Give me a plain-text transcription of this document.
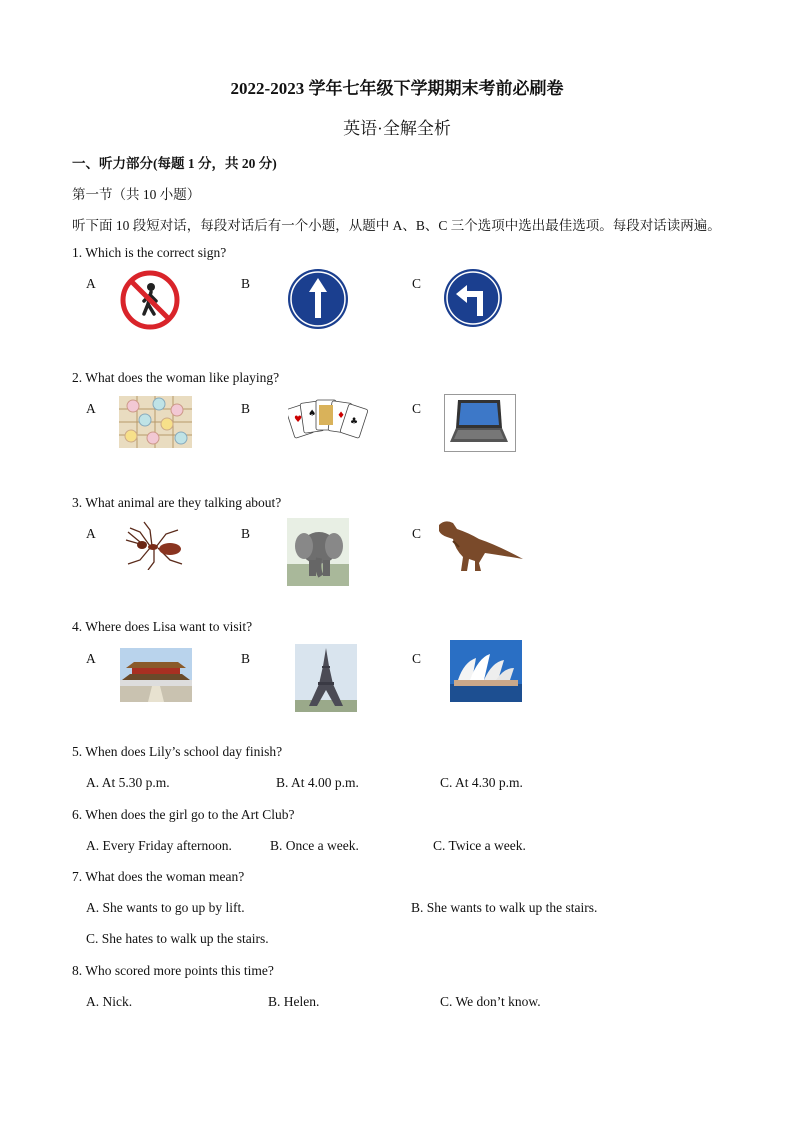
2022-2023 学年七年级下学期期末考前必刷卷
英语·全解全析
一、听力部分(每题 1 分，共 20 分)
第一节（共 10 小题）
听下面 10 段短对话，每段对话后有一个小题，从题中 A、B、C 三个选项中选出最佳选项。每段对话读两遍。
1. Which is the correct sign?
A	B	C
2. What does the woman like playing?
A	B	C
♥
♠ ♦
♣
3. What animal are they talking about?
A	B	C
4. Where does Lisa want to visit?
A	B	C
5. When does Lily’s school day finish?
A. At 5.30 p.m.	B. At 4.00 p.m.	C. At 4.30 p.m.
6. When does the girl go to the Art Club?
A. Every Friday afternoon.	B. Once a week.	C. Twice a week.
7. What does the woman mean?
A. She wants to go up by lift.	B. She wants to walk up the stairs.
C. She hates to walk up the stairs.
8. Who scored more points this time?
A. Nick.	B. Helen.	C. We don’t know.
